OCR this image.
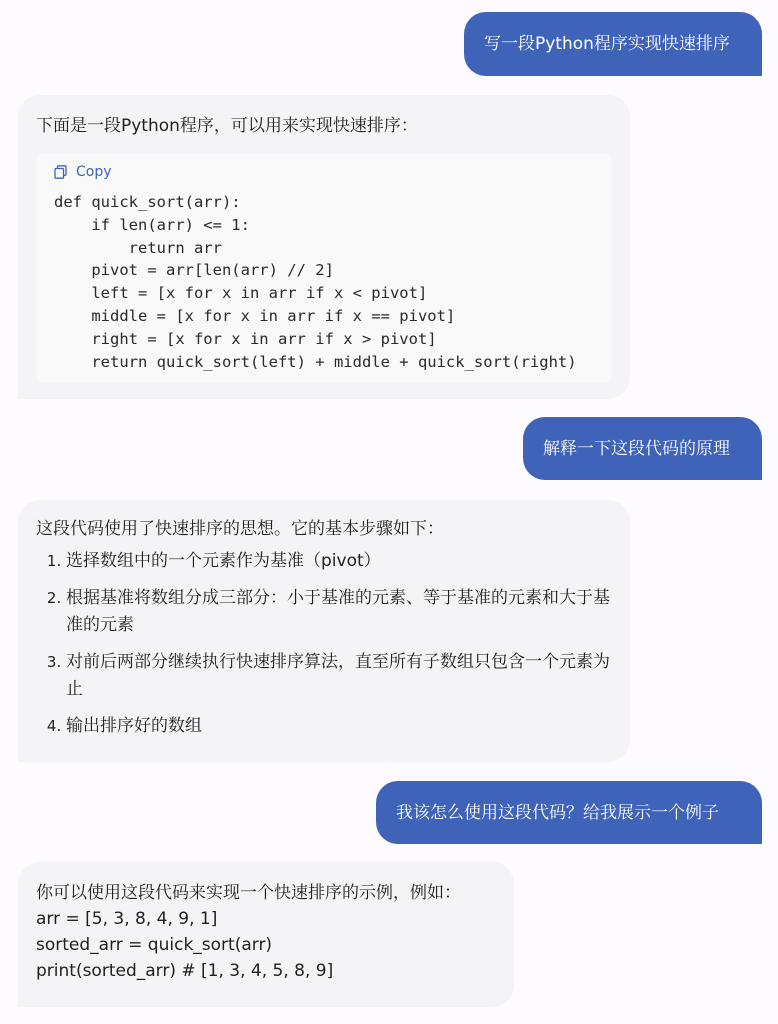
写一段Python程序实现快速排序
下面是一段Python程序，可以用来实现快速排序：
Copy
def quick_sort(arr):
if len(arr) <= 1:
return arr
pivot = arr[len(arr) // 2]
left = [x for x in arr if x < pivot]
middle = [x for x in arr if x == pivot]
right = [x for x in arr if x > pivot]
return quick_sort(left) + middle + quick_sort(right)
解释一下这段代码的原理
这段代码使用了快速排序的思想。它的基本步骤如下：
1. 选择数组中的一个元素作为基准（pivot）
2. 根据基准将数组分成三部分：小于基准的元素、等于基准的元素和大于基准的元素
3. 对前后两部分继续执行快速排序算法，直至所有子数组只包含一个元素为止
4. 输出排序好的数组
我该怎么使用这段代码？给我展示一个例子
你可以使用这段代码来实现一个快速排序的示例，例如：
arr = [5, 3, 8, 4, 9, 1]
sorted_arr = quick_sort(arr)
print(sorted_arr) # [1, 3, 4, 5, 8, 9]
